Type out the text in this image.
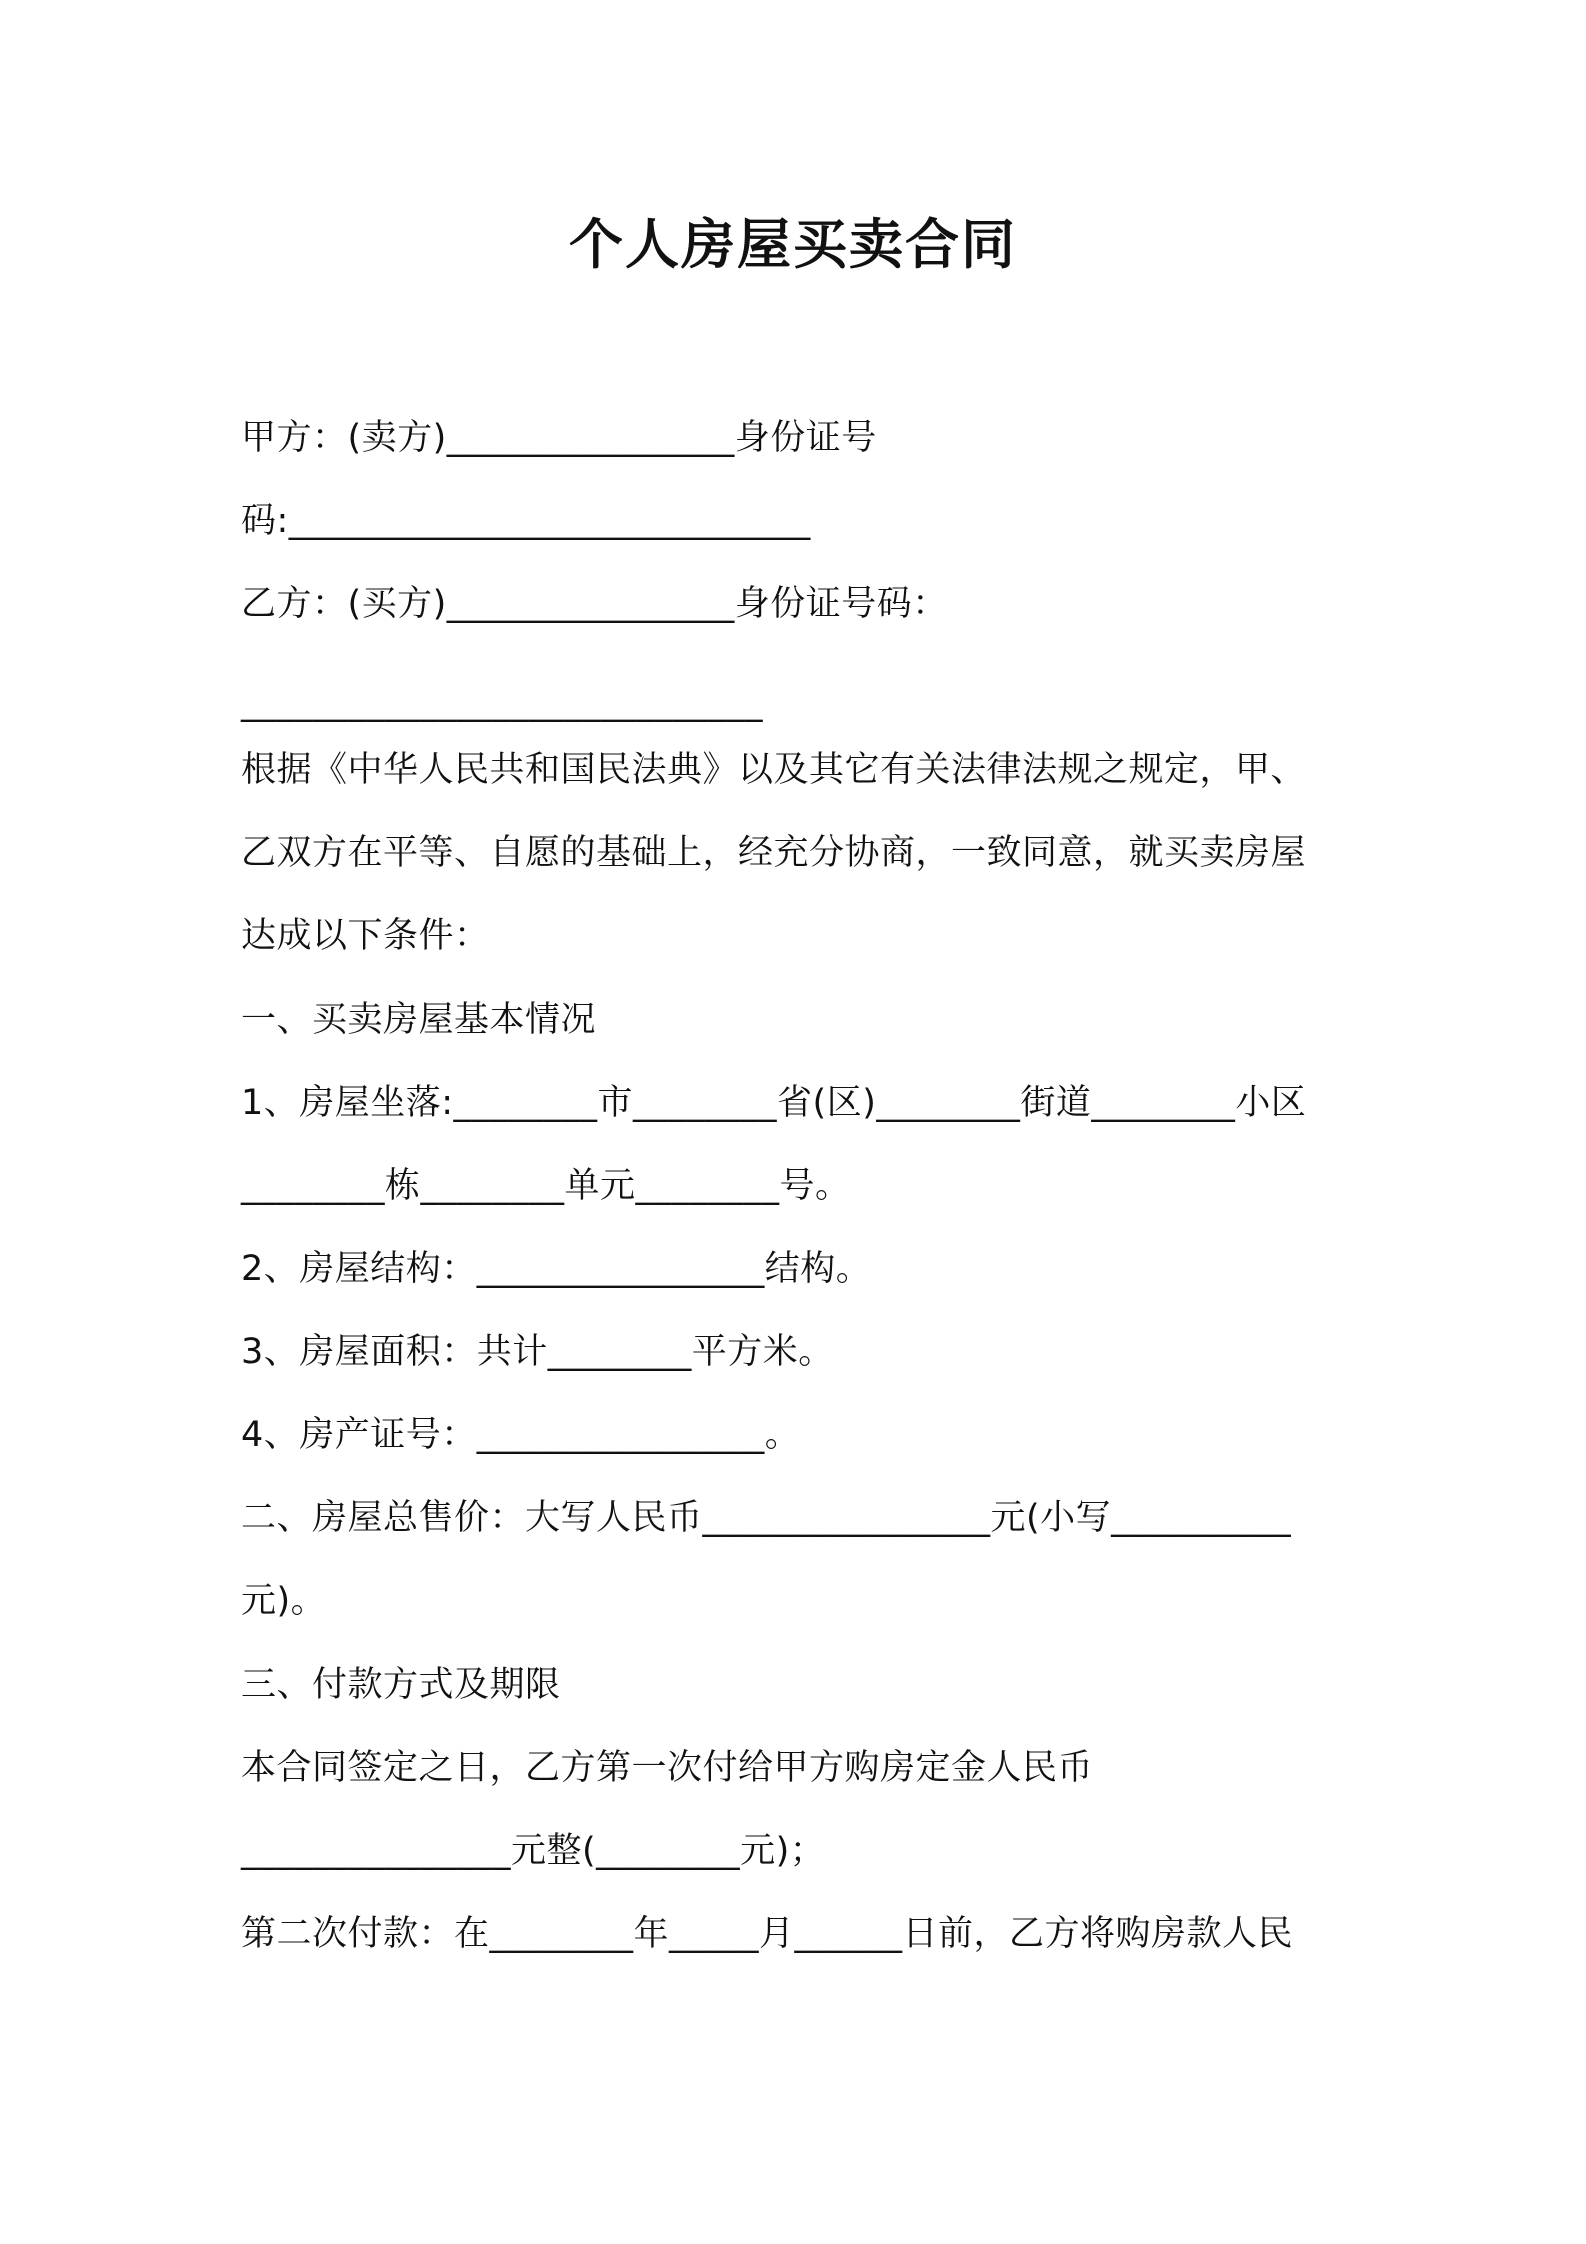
个人房屋买卖合同
甲方：(卖方)________________身份证号
码:_____________________________
乙方：(买方)________________身份证号码：
_____________________________
根据《中华人民共和国民法典》以及其它有关法律法规之规定，甲、
乙双方在平等、自愿的基础上，经充分协商，一致同意，就买卖房屋
达成以下条件：
一、买卖房屋基本情况
1、房屋坐落:________市________省(区)________街道________小区
________栋________单元________号。
2、房屋结构：________________结构。
3、房屋面积：共计________平方米。
4、房产证号：________________。
二、房屋总售价：大写人民币________________元(小写__________
元)。
三、付款方式及期限
本合同签定之日，乙方第一次付给甲方购房定金人民币
_______________元整(________元)；
第二次付款：在________年_____月______日前，乙方将购房款人民
